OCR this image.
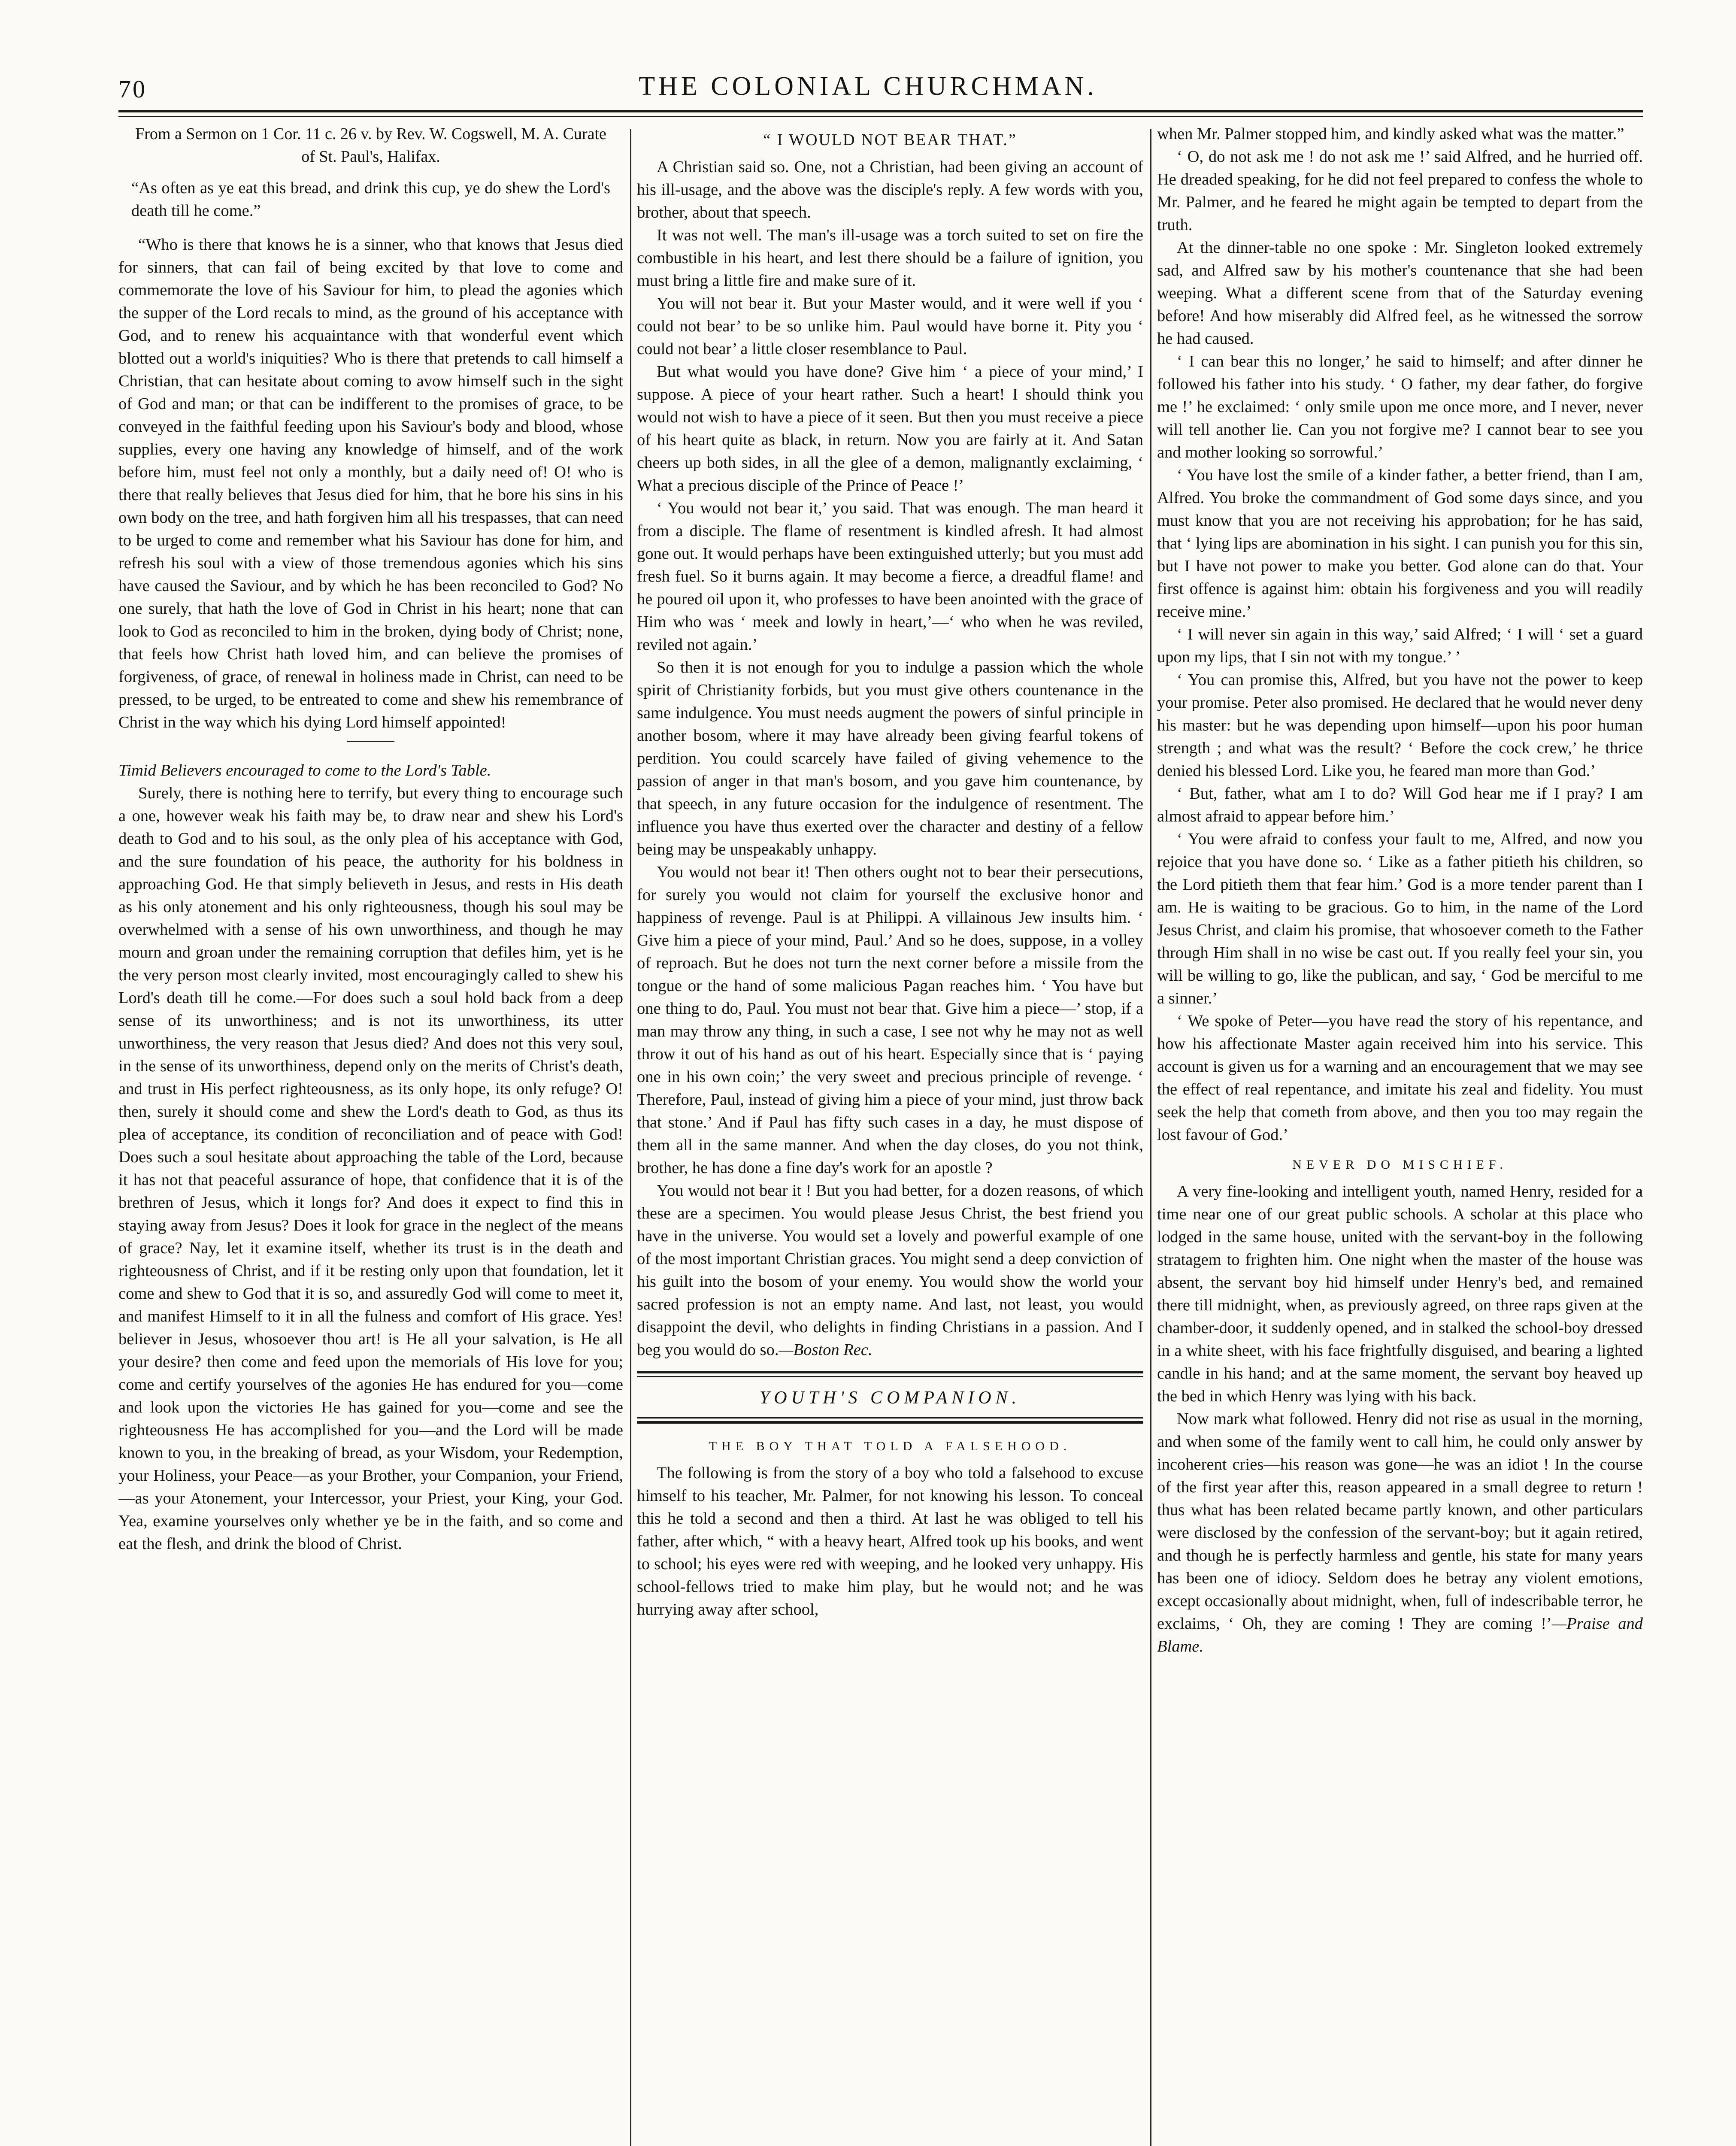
70	THE COLONIAL CHURCHMAN.

From a Sermon on 1 Cor. 11 c. 26 v. by Rev. W. Cogswell, M. A. Curate of St. Paul's, Halifax.

“As often as ye eat this bread, and drink this cup, ye do shew the Lord's death till he come.”

“Who is there that knows he is a sinner, who that knows that Jesus died for sinners, that can fail of being excited by that love to come and commemorate the love of his Saviour for him, to plead the agonies which the supper of the Lord recals to mind, as the ground of his acceptance with God, and to renew his acquaintance with that wonderful event which blotted out a world's iniquities? Who is there that pretends to call himself a Christian, that can hesitate about coming to avow himself such in the sight of God and man; or that can be indifferent to the promises of grace, to be conveyed in the faithful feeding upon his Saviour's body and blood, whose supplies, every one having any knowledge of himself, and of the work before him, must feel not only a monthly, but a daily need of! O! who is there that really believes that Jesus died for him, that he bore his sins in his own body on the tree, and hath forgiven him all his trespasses, that can need to be urged to come and remember what his Saviour has done for him, and refresh his soul with a view of those tremendous agonies which his sins have caused the Saviour, and by which he has been reconciled to God? No one surely, that hath the love of God in Christ in his heart; none that can look to God as reconciled to him in the broken, dying body of Christ; none, that feels how Christ hath loved him, and can believe the promises of forgiveness, of grace, of renewal in holiness made in Christ, can need to be pressed, to be urged, to be entreated to come and shew his remembrance of Christ in the way which his dying Lord himself appointed!

Timid Believers encouraged to come to the Lord's Table.

Surely, there is nothing here to terrify, but every thing to encourage such a one, however weak his faith may be, to draw near and shew his Lord's death to God and to his soul, as the only plea of his acceptance with God, and the sure foundation of his peace, the authority for his boldness in approaching God. He that simply believeth in Jesus, and rests in His death as his only atonement and his only righteousness, though his soul may be overwhelmed with a sense of his own unworthiness, and though he may mourn and groan under the remaining corruption that defiles him, yet is he the very person most clearly invited, most encouragingly called to shew his Lord's death till he come.—For does such a soul hold back from a deep sense of its unworthiness; and is not its unworthiness, its utter unworthiness, the very reason that Jesus died? And does not this very soul, in the sense of its unworthiness, depend only on the merits of Christ's death, and trust in His perfect righteousness, as its only hope, its only refuge? O! then, surely it should come and shew the Lord's death to God, as thus its plea of acceptance, its condition of reconciliation and of peace with God! Does such a soul hesitate about approaching the table of the Lord, because it has not that peaceful assurance of hope, that confidence that it is of the brethren of Jesus, which it longs for? And does it expect to find this in staying away from Jesus? Does it look for grace in the neglect of the means of grace? Nay, let it examine itself, whether its trust is in the death and righteousness of Christ, and if it be resting only upon that foundation, let it come and shew to God that it is so, and assuredly God will come to meet it, and manifest Himself to it in all the fulness and comfort of His grace. Yes! believer in Jesus, whosoever thou art! is He all your salvation, is He all your desire? then come and feed upon the memorials of His love for you; come and certify yourselves of the agonies He has endured for you—come and look upon the victories He has gained for you—come and see the righteousness He has accomplished for you—and the Lord will be made known to you, in the breaking of bread, as your Wisdom, your Redemption, your Holiness, your Peace—as your Brother, your Companion, your Friend,—as your Atonement, your Intercessor, your Priest, your King, your God. Yea, examine yourselves only whether ye be in the faith, and so come and eat the flesh, and drink the blood of Christ.

“ I WOULD NOT BEAR THAT.”

A Christian said so. One, not a Christian, had been giving an account of his ill-usage, and the above was the disciple's reply. A few words with you, brother, about that speech.

It was not well. The man's ill-usage was a torch suited to set on fire the combustible in his heart, and lest there should be a failure of ignition, you must bring a little fire and make sure of it.

You will not bear it. But your Master would, and it were well if you ‘ could not bear’ to be so unlike him. Paul would have borne it. Pity you ‘ could not bear’ a little closer resemblance to Paul.

But what would you have done? Give him ‘ a piece of your mind,’ I suppose. A piece of your heart rather. Such a heart! I should think you would not wish to have a piece of it seen. But then you must receive a piece of his heart quite as black, in return. Now you are fairly at it. And Satan cheers up both sides, in all the glee of a demon, malignantly exclaiming, ‘ What a precious disciple of the Prince of Peace !’

‘ You would not bear it,’ you said. That was enough. The man heard it from a disciple. The flame of resentment is kindled afresh. It had almost gone out. It would perhaps have been extinguished utterly; but you must add fresh fuel. So it burns again. It may become a fierce, a dreadful flame! and he poured oil upon it, who professes to have been anointed with the grace of Him who was ‘ meek and lowly in heart,’—‘ who when he was reviled, reviled not again.’

So then it is not enough for you to indulge a passion which the whole spirit of Christianity forbids, but you must give others countenance in the same indulgence. You must needs augment the powers of sinful principle in another bosom, where it may have already been giving fearful tokens of perdition. You could scarcely have failed of giving vehemence to the passion of anger in that man's bosom, and you gave him countenance, by that speech, in any future occasion for the indulgence of resentment. The influence you have thus exerted over the character and destiny of a fellow being may be unspeakably unhappy.

You would not bear it! Then others ought not to bear their persecutions, for surely you would not claim for yourself the exclusive honor and happiness of revenge. Paul is at Philippi. A villainous Jew insults him. ‘ Give him a piece of your mind, Paul.’ And so he does, suppose, in a volley of reproach. But he does not turn the next corner before a missile from the tongue or the hand of some malicious Pagan reaches him. ‘ You have but one thing to do, Paul. You must not bear that. Give him a piece—’ stop, if a man may throw any thing, in such a case, I see not why he may not as well throw it out of his hand as out of his heart. Especially since that is ‘ paying one in his own coin;’ the very sweet and precious principle of revenge. ‘ Therefore, Paul, instead of giving him a piece of your mind, just throw back that stone.’ And if Paul has fifty such cases in a day, he must dispose of them all in the same manner. And when the day closes, do you not think, brother, he has done a fine day's work for an apostle ?

You would not bear it ! But you had better, for a dozen reasons, of which these are a specimen. You would please Jesus Christ, the best friend you have in the universe. You would set a lovely and powerful example of one of the most important Christian graces. You might send a deep conviction of his guilt into the bosom of your enemy. You would show the world your sacred profession is not an empty name. And last, not least, you would disappoint the devil, who delights in finding Christians in a passion. And I beg you would do so.—Boston Rec.

YOUTH'S COMPANION.

THE BOY THAT TOLD A FALSEHOOD.

The following is from the story of a boy who told a falsehood to excuse himself to his teacher, Mr. Palmer, for not knowing his lesson. To conceal this he told a second and then a third. At last he was obliged to tell his father, after which, “ with a heavy heart, Alfred took up his books, and went to school; his eyes were red with weeping, and he looked very unhappy. His school-fellows tried to make him play, but he would not; and he was hurrying away after school,

when Mr. Palmer stopped him, and kindly asked what was the matter.”

‘ O, do not ask me ! do not ask me !’ said Alfred, and he hurried off. He dreaded speaking, for he did not feel prepared to confess the whole to Mr. Palmer, and he feared he might again be tempted to depart from the truth.

At the dinner-table no one spoke : Mr. Singleton looked extremely sad, and Alfred saw by his mother's countenance that she had been weeping. What a different scene from that of the Saturday evening before! And how miserably did Alfred feel, as he witnessed the sorrow he had caused.

‘ I can bear this no longer,’ he said to himself; and after dinner he followed his father into his study. ‘ O father, my dear father, do forgive me !’ he exclaimed: ‘ only smile upon me once more, and I never, never will tell another lie. Can you not forgive me? I cannot bear to see you and mother looking so sorrowful.’

‘ You have lost the smile of a kinder father, a better friend, than I am, Alfred. You broke the commandment of God some days since, and you must know that you are not receiving his approbation; for he has said, that ‘ lying lips are abomination in his sight. I can punish you for this sin, but I have not power to make you better. God alone can do that. Your first offence is against him: obtain his forgiveness and you will readily receive mine.’

‘ I will never sin again in this way,’ said Alfred; ‘ I will ‘ set a guard upon my lips, that I sin not with my tongue.’ ’

‘ You can promise this, Alfred, but you have not the power to keep your promise. Peter also promised. He declared that he would never deny his master: but he was depending upon himself—upon his poor human strength ; and what was the result? ‘ Before the cock crew,’ he thrice denied his blessed Lord. Like you, he feared man more than God.’

‘ But, father, what am I to do? Will God hear me if I pray? I am almost afraid to appear before him.’

‘ You were afraid to confess your fault to me, Alfred, and now you rejoice that you have done so. ‘ Like as a father pitieth his children, so the Lord pitieth them that fear him.’ God is a more tender parent than I am. He is waiting to be gracious. Go to him, in the name of the Lord Jesus Christ, and claim his promise, that whosoever cometh to the Father through Him shall in no wise be cast out. If you really feel your sin, you will be willing to go, like the publican, and say, ‘ God be merciful to me a sinner.’

‘ We spoke of Peter—you have read the story of his repentance, and how his affectionate Master again received him into his service. This account is given us for a warning and an encouragement that we may see the effect of real repentance, and imitate his zeal and fidelity. You must seek the help that cometh from above, and then you too may regain the lost favour of God.’

NEVER DO MISCHIEF.

A very fine-looking and intelligent youth, named Henry, resided for a time near one of our great public schools. A scholar at this place who lodged in the same house, united with the servant-boy in the following stratagem to frighten him. One night when the master of the house was absent, the servant boy hid himself under Henry's bed, and remained there till midnight, when, as previously agreed, on three raps given at the chamber-door, it suddenly opened, and in stalked the school-boy dressed in a white sheet, with his face frightfully disguised, and bearing a lighted candle in his hand; and at the same moment, the servant boy heaved up the bed in which Henry was lying with his back.

Now mark what followed. Henry did not rise as usual in the morning, and when some of the family went to call him, he could only answer by incoherent cries—his reason was gone—he was an idiot ! In the course of the first year after this, reason appeared in a small degree to return ! thus what has been related became partly known, and other particulars were disclosed by the confession of the servant-boy; but it again retired, and though he is perfectly harmless and gentle, his state for many years has been one of idiocy. Seldom does he betray any violent emotions, except occasionally about midnight, when, full of indescribable terror, he exclaims, ‘ Oh, they are coming ! They are coming !’—Praise and Blame.
